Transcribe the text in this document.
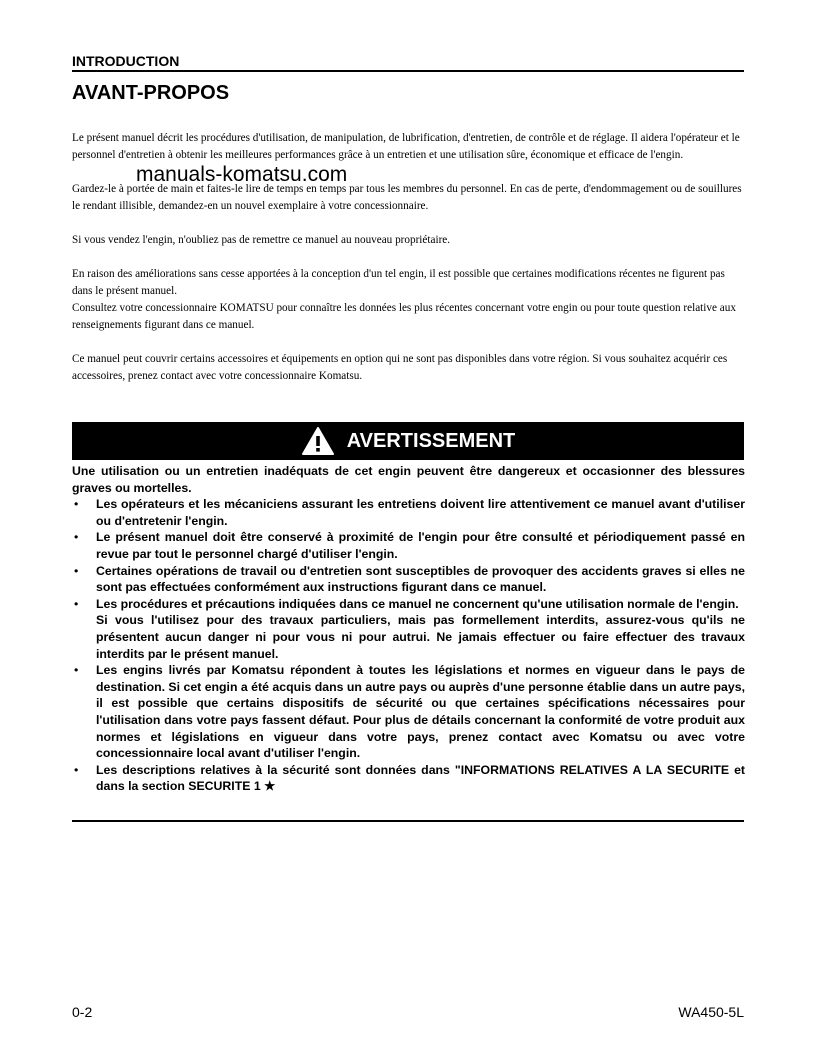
INTRODUCTION
AVANT-PROPOS

Le présent manuel décrit les procédures d'utilisation, de manipulation, de lubrification, d'entretien, de contrôle et de réglage. Il aidera l'opérateur et le personnel d'entretien à obtenir les meilleures performances grâce à un entretien et une utilisation sûre, économique et efficace de l'engin.

Gardez-le à portée de main et faites-le lire de temps en temps par tous les membres du personnel. En cas de perte, d'endommagement ou de souillures le rendant illisible, demandez-en un nouvel exemplaire à votre concessionnaire.

Si vous vendez l'engin, n'oubliez pas de remettre ce manuel au nouveau propriétaire.

En raison des améliorations sans cesse apportées à la conception d'un tel engin, il est possible que certaines modifications récentes ne figurent pas dans le présent manuel.
Consultez votre concessionnaire KOMATSU pour connaître les données les plus récentes concernant votre engin ou pour toute question relative aux renseignements figurant dans ce manuel.

Ce manuel peut couvrir certains accessoires et équipements en option qui ne sont pas disponibles dans votre région. Si vous souhaitez acquérir ces accessoires, prenez contact avec votre concessionnaire Komatsu.

manuals-komatsu.com
AVERTISSEMENT

Une utilisation ou un entretien inadéquats de cet engin peuvent être dangereux et occasionner des blessures graves ou mortelles.

• Les opérateurs et les mécaniciens assurant les entretiens doivent lire attentivement ce manuel avant d'utiliser ou d'entretenir l'engin.

• Le présent manuel doit être conservé à proximité de l'engin pour être consulté et périodiquement passé en revue par tout le personnel chargé d'utiliser l'engin.

• Certaines opérations de travail ou d'entretien sont susceptibles de provoquer des accidents graves si elles ne sont pas effectuées conformément aux instructions figurant dans ce manuel.

• Les procédures et précautions indiquées dans ce manuel ne concernent qu'une utilisation normale de l'engin.
Si vous l'utilisez pour des travaux particuliers, mais pas formellement interdits, assurez-vous qu'ils ne présentent aucun danger ni pour vous ni pour autrui. Ne jamais effectuer ou faire effectuer des travaux interdits par le présent manuel.

• Les engins livrés par Komatsu répondent à toutes les législations et normes en vigueur dans le pays de destination. Si cet engin a été acquis dans un autre pays ou auprès d'une personne établie dans un autre pays, il est possible que certains dispositifs de sécurité ou que certaines spécifications nécessaires pour l'utilisation dans votre pays fassent défaut. Pour plus de détails concernant la conformité de votre produit aux normes et législations en vigueur dans votre pays, prenez contact avec Komatsu ou avec votre concessionnaire local avant d'utiliser l'engin.

• Les descriptions relatives à la sécurité sont données dans "INFORMATIONS RELATIVES A LA SECURITE et dans la section SECURITE 1 ★

0-2	WA450-5L
